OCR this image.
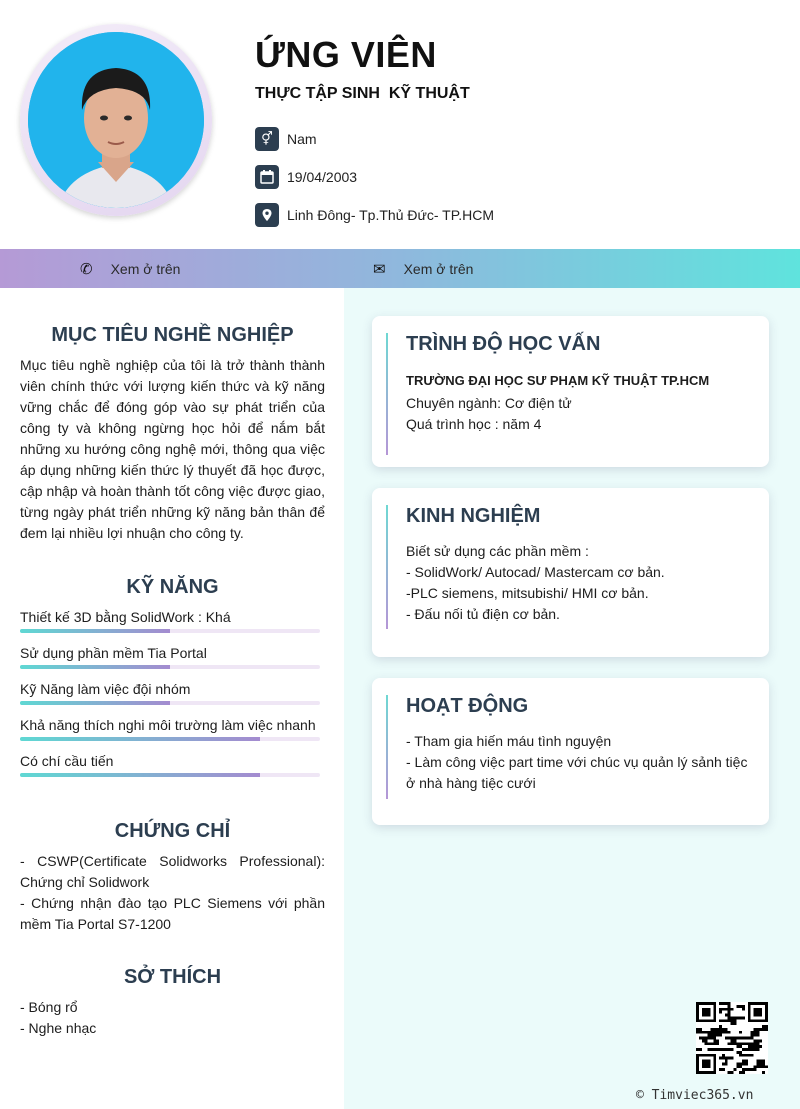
ỨNG VIÊN
THỰC TẬP SINH  KỸ THUẬT
⚥	Nam
19/04/2003
Linh Đông- Tp.Thủ Đức- TP.HCM
✆ Xem ở trên	✉ Xem ở trên
MỤC TIÊU NGHỀ NGHIỆP
Mục tiêu nghề nghiệp của tôi là trở thành thành viên chính thức với lượng kiến thức và kỹ năng vững chắc để đóng góp vào sự phát triển của công ty và không ngừng học hỏi để nắm bắt những xu hướng công nghệ mới, thông qua việc áp dụng những kiến thức lý thuyết đã học được, cập nhập và hoàn thành tốt công việc được giao, từng ngày phát triển những kỹ năng bản thân để đem lại nhiều lợi nhuận cho công ty.
KỸ NĂNG
Thiết kế 3D bằng SolidWork : Khá
Sử dụng phần mềm Tia Portal
Kỹ Năng làm việc đội nhóm
Khả năng thích nghi môi trường làm việc nhanh
Có chí cầu tiến
CHỨNG CHỈ
- CSWP(Certificate Solidworks Professional): Chứng chỉ Solidwork
- Chứng nhận đào tạo PLC Siemens với phần mềm Tia Portal S7-1200
SỞ THÍCH
- Bóng rổ
- Nghe nhạc
TRÌNH ĐỘ HỌC VẤN
TRƯỜNG ĐẠI HỌC SƯ PHẠM KỸ THUẬT TP.HCM
Chuyên ngành: Cơ điện tử
Quá trình học : năm 4
KINH NGHIỆM
Biết sử dụng các phần mềm :
- SolidWork/ Autocad/ Mastercam cơ bản.
-PLC siemens, mitsubishi/ HMI cơ bản.
- Đấu nối tủ điện cơ bản.
HOẠT ĐỘNG
- Tham gia hiến máu tình nguyện
- Làm công việc part time với chúc vụ quản lý sảnh tiệc ở nhà hàng tiệc cưới
© Timviec365.vn
